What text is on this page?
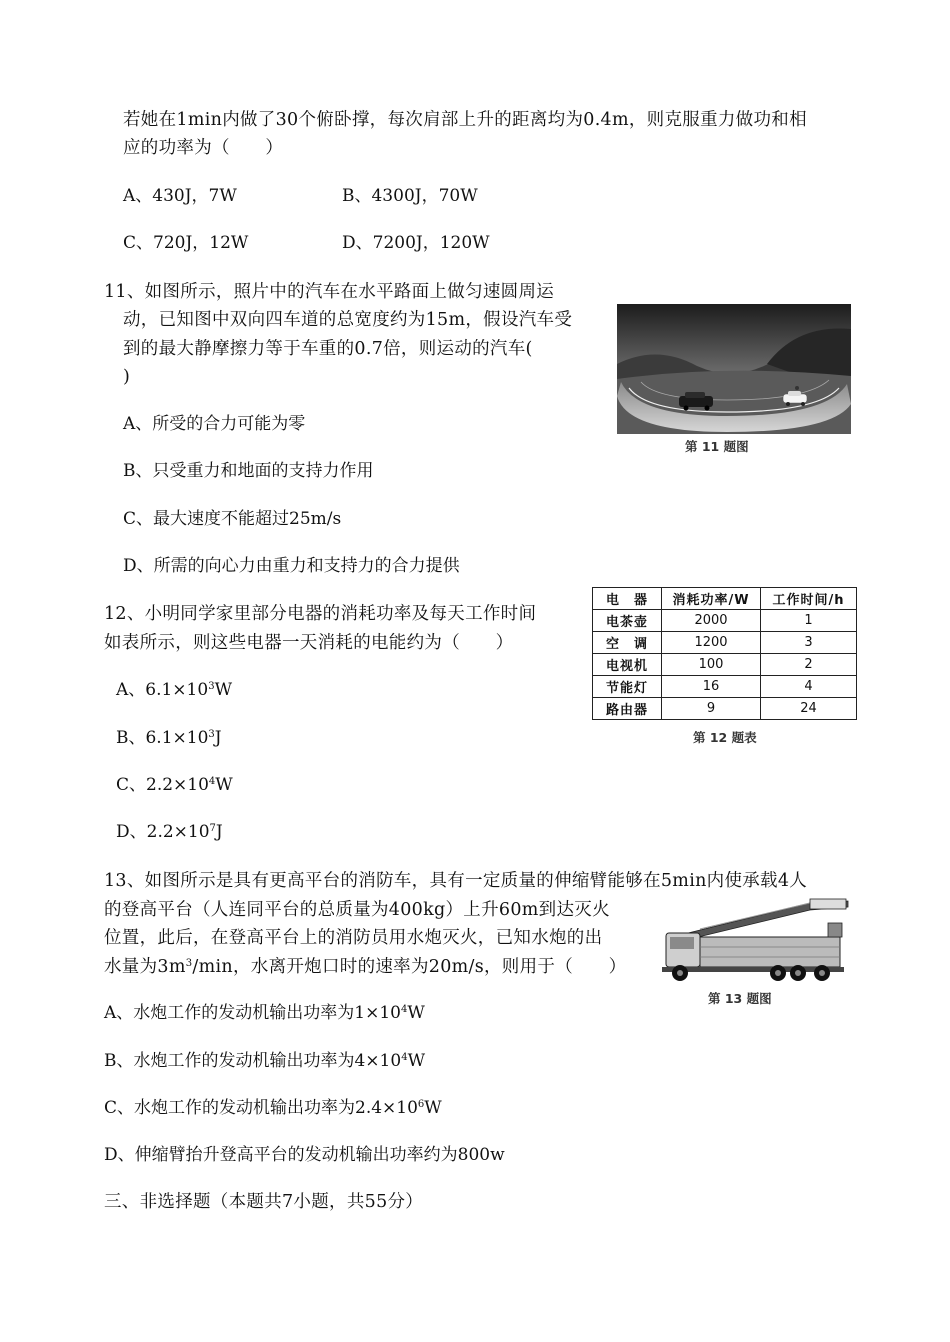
若她在1min内做了30个俯卧撑，每次肩部上升的距离均为0.4m，则克服重力做功和相
应的功率为（　　）
A、430J，7W	B、4300J，70W
C、720J，12W	D、7200J，120W
11、如图所示，照片中的汽车在水平路面上做匀速圆周运
动，已知图中双向四车道的总宽度约为15m，假设汽车受
到的最大静摩擦力等于车重的0.7倍，则运动的汽车(
)
A、所受的合力可能为零
B、只受重力和地面的支持力作用
C、最大速度不能超过25m/s
D、所需的向心力由重力和支持力的合力提供
第 11 题图
12、小明同学家里部分电器的消耗功率及每天工作时间
如表所示，则这些电器一天消耗的电能约为（　　）
A、$6.1\times 10^3W$
B、$6.1\times 10^3J$
C、$2.2\times 10^4W$
D、$2.2\times 10^7J$
电　器	消耗功率/W	工作时间/h
电茶壶	2000	1
空　调	1200	3
电视机	100	2
节能灯	16	4
路由器	9	24
第 12 题表
13、如图所示是具有更高平台的消防车，具有一定质量的伸缩臂能够在5min内使承载4人
的登高平台（人连同平台的总质量为400kg）上升60m到达灭火
位置，此后，在登高平台上的消防员用水炮灭火，已知水炮的出
水量为$3m^3/\min$，水离开炮口时的速率为20m/s，则用于（　　）
第 13 题图
A、水炮工作的发动机输出功率为$1\times 10^4W$
B、水炮工作的发动机输出功率为$4\times 10^4W$
C、水炮工作的发动机输出功率为$2.4\times 10^6W$
D、伸缩臂抬升登高平台的发动机输出功率约为800w
三、非选择题（本题共7小题，共55分）
